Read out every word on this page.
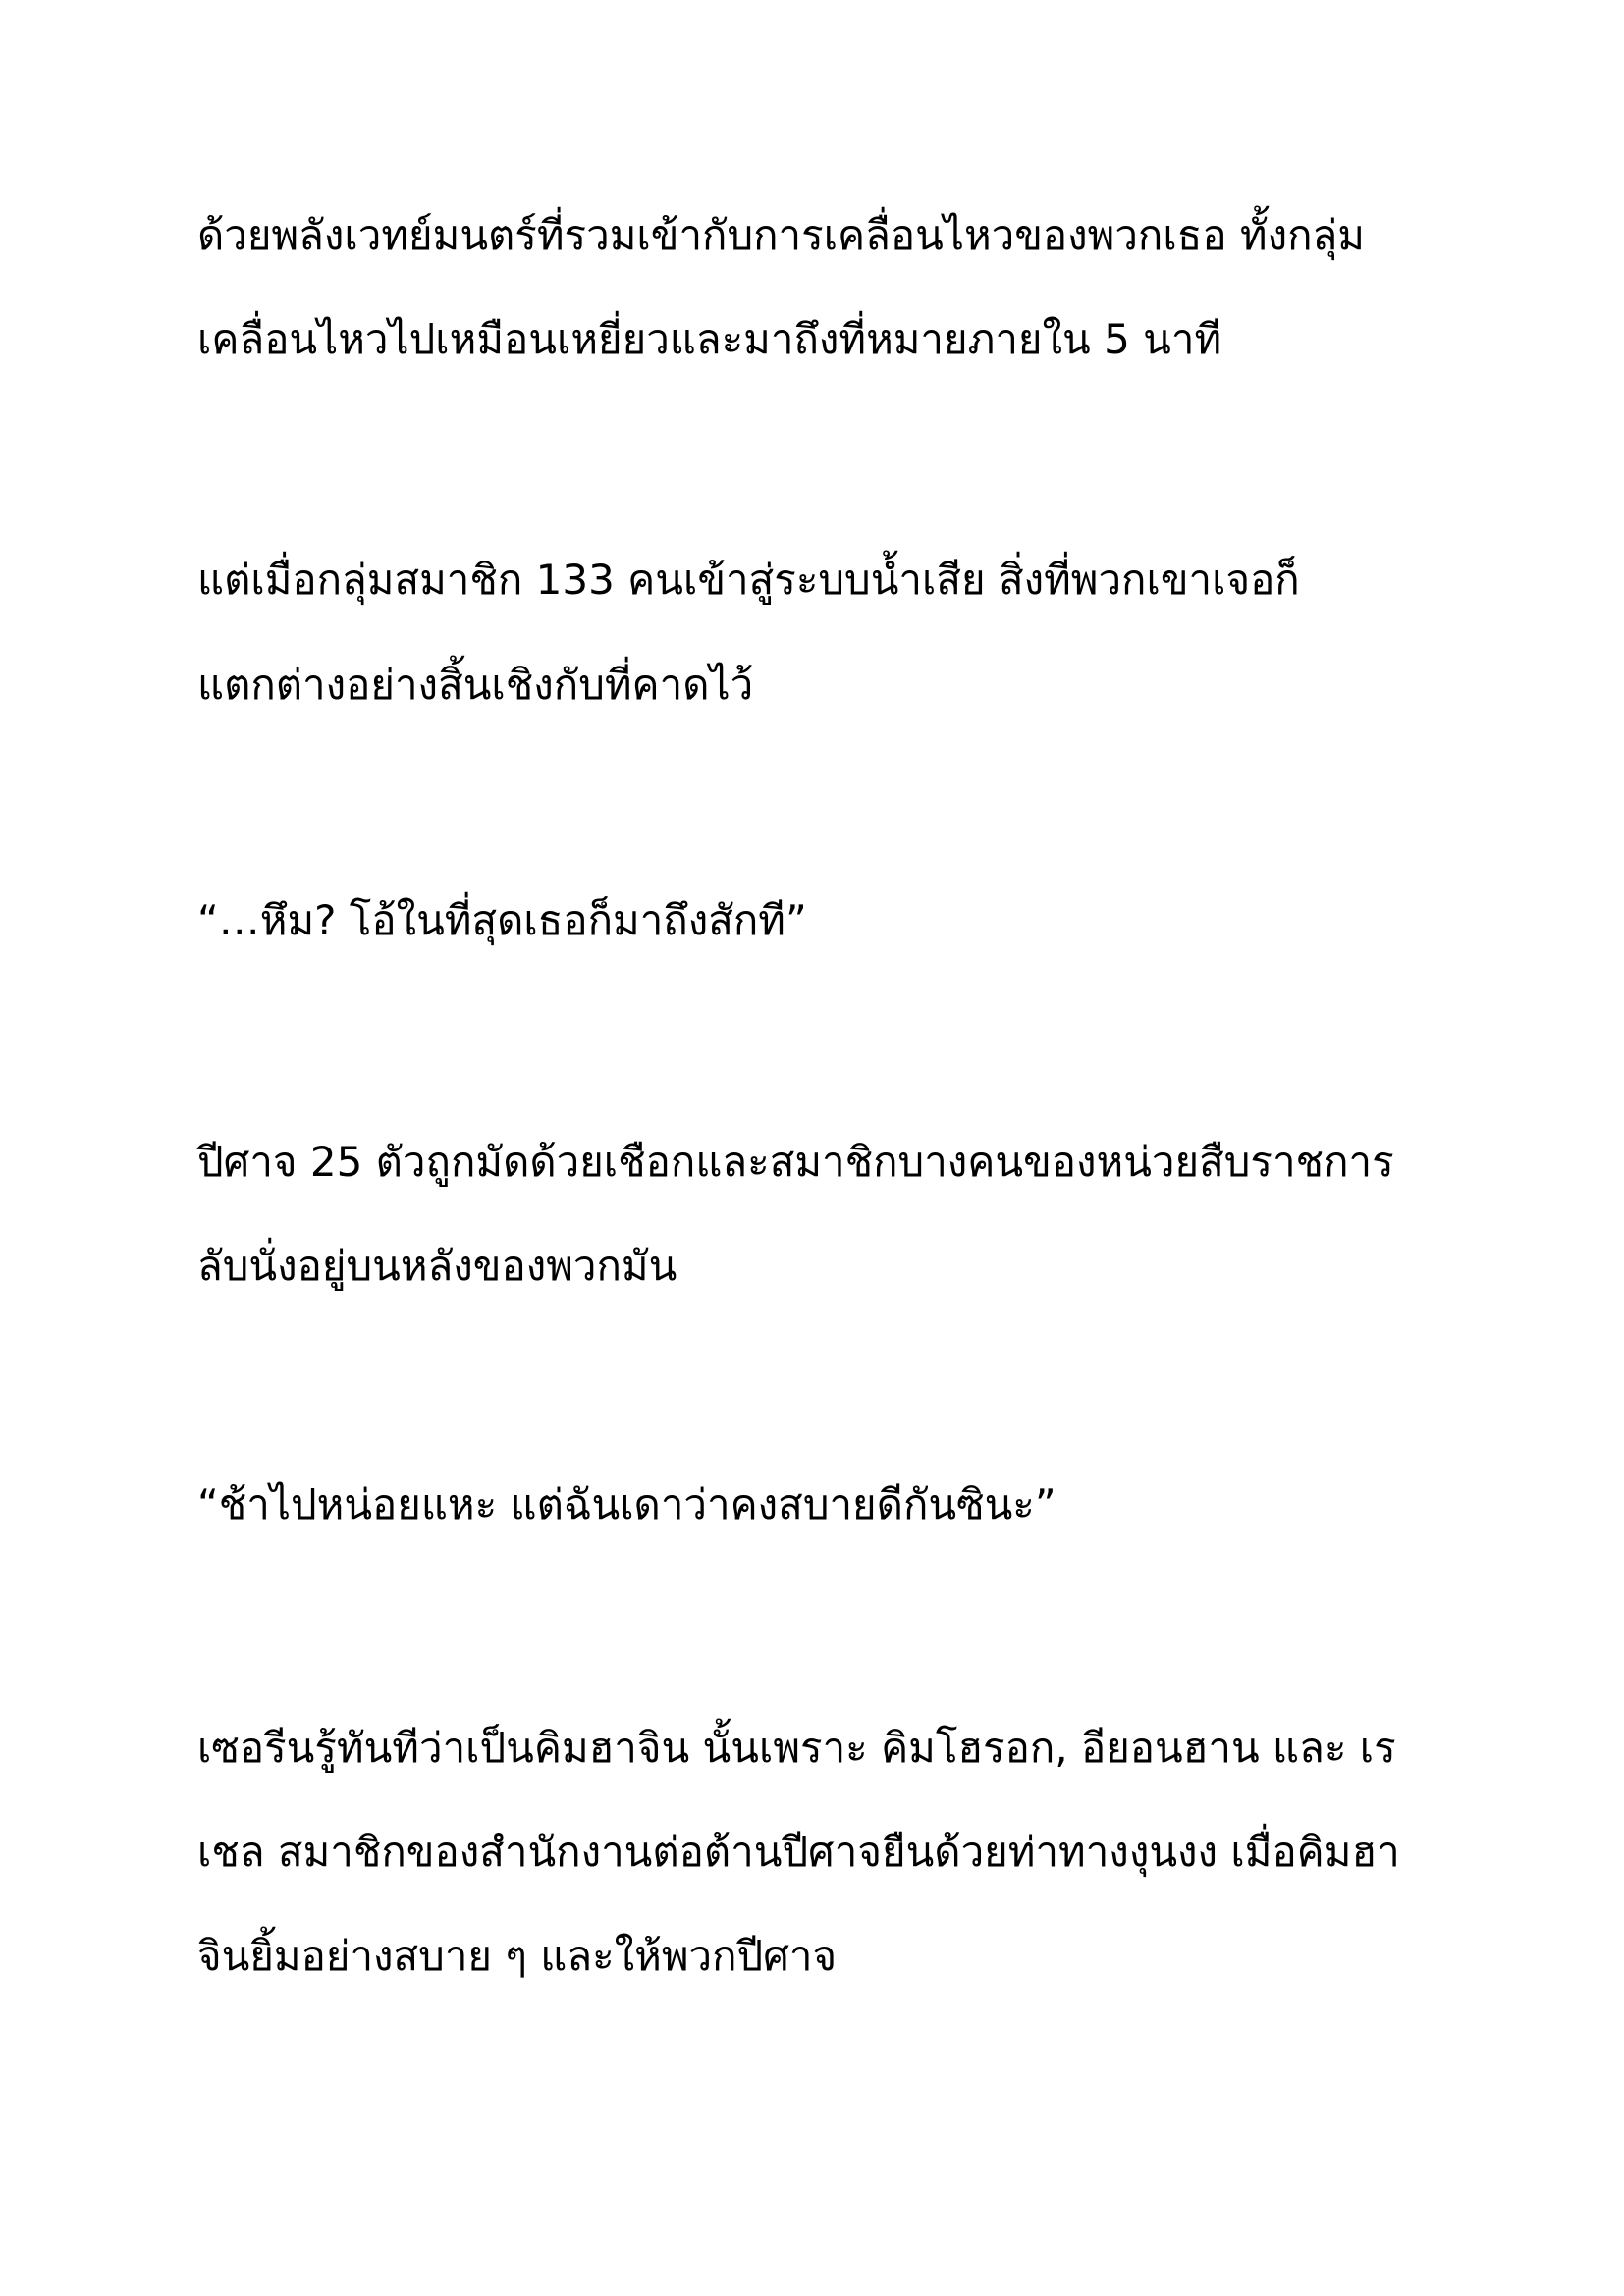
ด้วยพลังเวทย์มนตร์ที่รวมเข้ากับการเคลื่อนไหวของพวกเธอ ทั้งกลุ่ม

เคลื่อนไหวไปเหมือนเหยี่ยวและมาถึงที่หมายภายใน 5 นาที

แต่เมื่อกลุ่มสมาชิก 133 คนเข้าสู่ระบบน้ำเสีย สิ่งที่พวกเขาเจอก็

แตกต่างอย่างสิ้นเชิงกับที่คาดไว้

“…หึม? โอ้ในที่สุดเธอก็มาถึงสักที”

ปีศาจ 25 ตัวถูกมัดด้วยเชือกและสมาชิกบางคนของหน่วยสืบราชการ

ลับนั่งอยู่บนหลังของพวกมัน

“ช้าไปหน่อยแหะ แต่ฉันเดาว่าคงสบายดีกันซินะ”

เซอรีนรู้ทันทีว่าเป็นคิมฮาจิน นั้นเพราะ คิมโฮรอก, อียอนฮาน และ เร

เชล สมาชิกของสำนักงานต่อต้านปีศาจยืนด้วยท่าทางงุนงง เมื่อคิมฮา

จินยิ้มอย่างสบาย ๆ และให้พวกปีศาจ
